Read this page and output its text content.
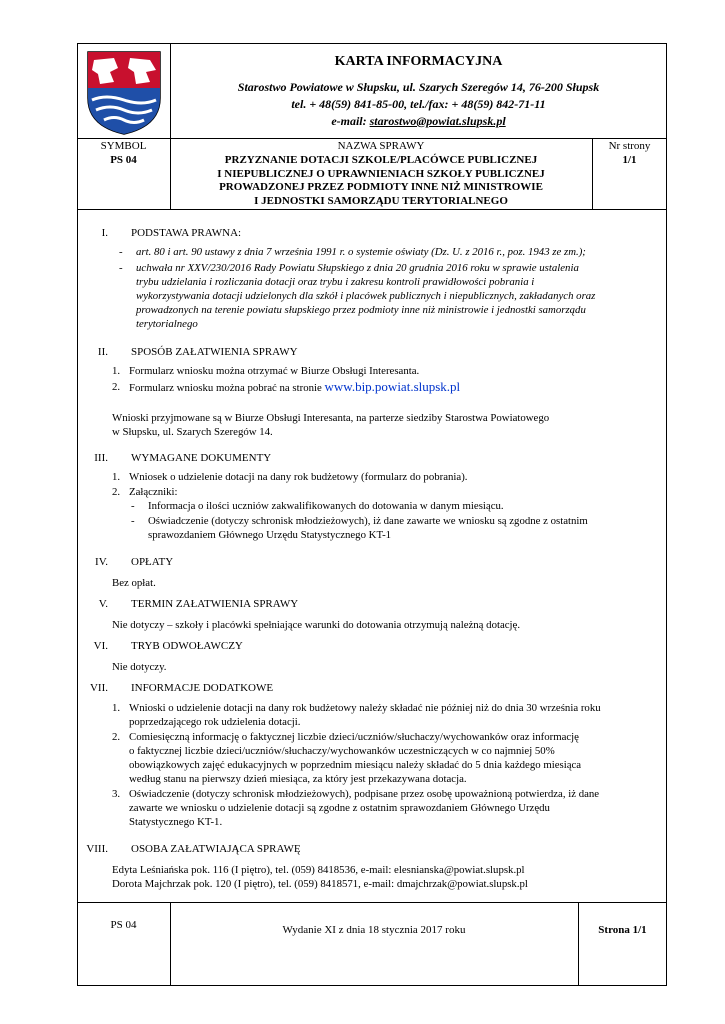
KARTA INFORMACYJNA
Starostwo Powiatowe w Słupsku, ul. Szarych Szeregów 14, 76-200 Słupsk
tel. + 48(59) 841-85-00, tel./fax: + 48(59) 842-71-11
e-mail: starostwo@powiat.slupsk.pl
SYMBOL
PS 04
NAZWA SPRAWY
PRZYZNANIE DOTACJI SZKOLE/PLACÓWCE PUBLICZNEJ
I NIEPUBLICZNEJ O UPRAWNIENIACH SZKOŁY PUBLICZNEJ
PROWADZONEJ PRZEZ PODMIOTY INNE NIŻ MINISTROWIE
I JEDNOSTKI SAMORZĄDU TERYTORIALNEGO
Nr strony
1/1
I. PODSTAWA PRAWNA:
- art. 80 i art. 90 ustawy z dnia 7 września 1991 r. o systemie oświaty (Dz. U. z 2016 r., poz. 1943 ze zm.);
- uchwała nr XXV/230/2016 Rady Powiatu Słupskiego z dnia 20 grudnia 2016 roku w sprawie ustalenia
trybu udzielania i rozliczania dotacji oraz trybu i zakresu kontroli prawidłowości pobrania i
wykorzystywania dotacji udzielonych dla szkół i placówek publicznych i niepublicznych, zakładanych oraz
prowadzonych na terenie powiatu słupskiego przez podmioty inne niż ministrowie i jednostki samorządu
terytorialnego
II. SPOSÓB ZAŁATWIENIA SPRAWY
1. Formularz wniosku można otrzymać w Biurze Obsługi Interesanta.
2. Formularz wniosku można pobrać na stronie www.bip.powiat.slupsk.pl
Wnioski przyjmowane są w Biurze Obsługi Interesanta, na parterze siedziby Starostwa Powiatowego
w Słupsku, ul. Szarych Szeregów 14.
III. WYMAGANE DOKUMENTY
1. Wniosek o udzielenie dotacji na dany rok budżetowy (formularz do pobrania).
2. Załączniki:
- Informacja o ilości uczniów zakwalifikowanych do dotowania w danym miesiącu.
- Oświadczenie (dotyczy schronisk młodzieżowych), iż dane zawarte we wniosku są zgodne z ostatnim
sprawozdaniem Głównego Urzędu Statystycznego KT-1
IV. OPŁATY
Bez opłat.
V. TERMIN ZAŁATWIENIA SPRAWY
Nie dotyczy – szkoły i placówki spełniające warunki do dotowania otrzymują należną dotację.
VI. TRYB ODWOŁAWCZY
Nie dotyczy.
VII. INFORMACJE DODATKOWE
1. Wnioski o udzielenie dotacji na dany rok budżetowy należy składać nie później niż do dnia 30 września roku
poprzedzającego rok udzielenia dotacji.
2. Comiesięczną informację o faktycznej liczbie dzieci/uczniów/słuchaczy/wychowanków oraz informację
o faktycznej liczbie dzieci/uczniów/słuchaczy/wychowanków uczestniczących w co najmniej 50%
obowiązkowych zajęć edukacyjnych w poprzednim miesiącu należy składać do 5 dnia każdego miesiąca
według stanu na pierwszy dzień miesiąca, za który jest przekazywana dotacja.
3. Oświadczenie (dotyczy schronisk młodzieżowych), podpisane przez osobę upoważnioną potwierdza, iż dane
zawarte we wniosku o udzielenie dotacji są zgodne z ostatnim sprawozdaniem Głównego Urzędu
Statystycznego KT-1.
VIII. OSOBA ZAŁATWIAJĄCA SPRAWĘ
Edyta Leśniańska pok. 116 (I piętro), tel. (059) 8418536, e-mail: elesnianska@powiat.slupsk.pl
Dorota Majchrzak pok. 120 (I piętro), tel. (059) 8418571, e-mail: dmajchrzak@powiat.slupsk.pl
PS 04	Wydanie XI z dnia 18 stycznia 2017 roku	Strona 1/1
